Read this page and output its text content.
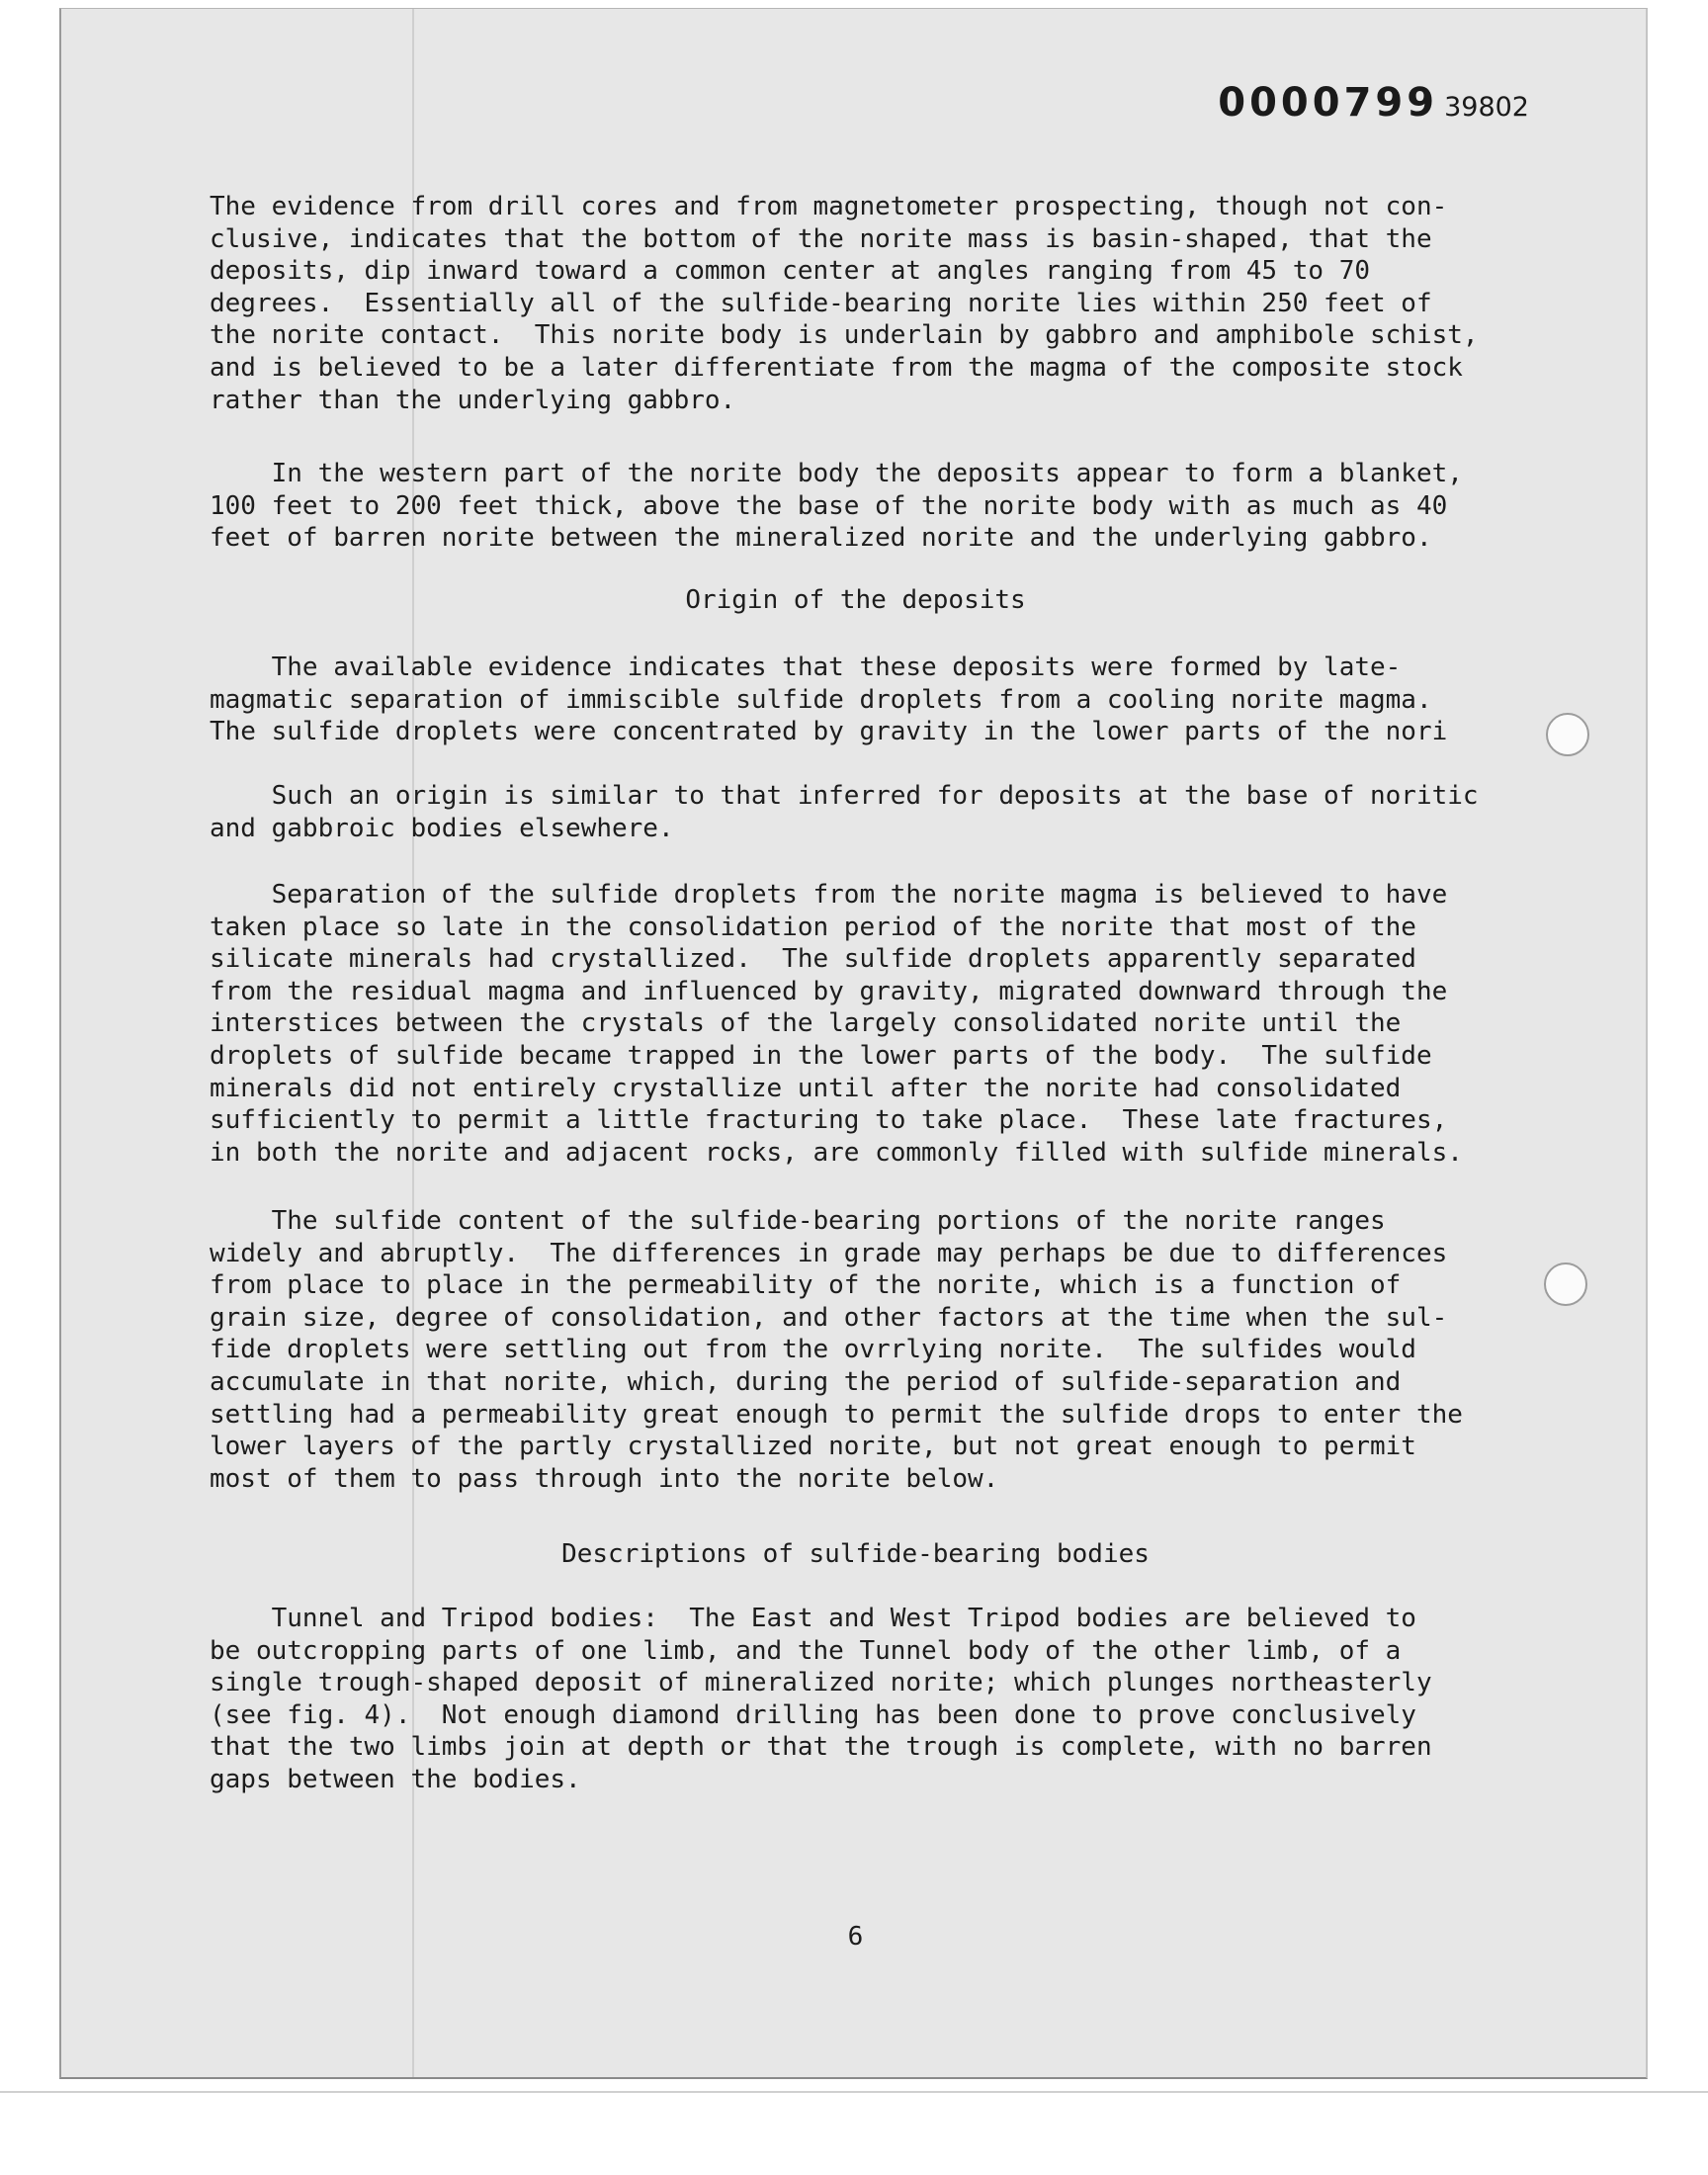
0000799 39802
The evidence from drill cores and from magnetometer prospecting, though not con-
clusive, indicates that the bottom of the norite mass is basin-shaped, that the
deposits, dip inward toward a common center at angles ranging from 45 to 70
degrees.  Essentially all of the sulfide-bearing norite lies within 250 feet of
the norite contact.  This norite body is underlain by gabbro and amphibole schist,
and is believed to be a later differentiate from the magma of the composite stock
rather than the underlying gabbro.
In the western part of the norite body the deposits appear to form a blanket,
100 feet to 200 feet thick, above the base of the norite body with as much as 40
feet of barren norite between the mineralized norite and the underlying gabbro.
Origin of the deposits
The available evidence indicates that these deposits were formed by late-
magmatic separation of immiscible sulfide droplets from a cooling norite magma.
The sulfide droplets were concentrated by gravity in the lower parts of the nori
Such an origin is similar to that inferred for deposits at the base of noritic
and gabbroic bodies elsewhere.
Separation of the sulfide droplets from the norite magma is believed to have
taken place so late in the consolidation period of the norite that most of the
silicate minerals had crystallized.  The sulfide droplets apparently separated
from the residual magma and influenced by gravity, migrated downward through the
interstices between the crystals of the largely consolidated norite until the
droplets of sulfide became trapped in the lower parts of the body.  The sulfide
minerals did not entirely crystallize until after the norite had consolidated
sufficiently to permit a little fracturing to take place.  These late fractures,
in both the norite and adjacent rocks, are commonly filled with sulfide minerals.
The sulfide content of the sulfide-bearing portions of the norite ranges
widely and abruptly.  The differences in grade may perhaps be due to differences
from place to place in the permeability of the norite, which is a function of
grain size, degree of consolidation, and other factors at the time when the sul-
fide droplets were settling out from the ovrrlying norite.  The sulfides would
accumulate in that norite, which, during the period of sulfide-separation and
settling had a permeability great enough to permit the sulfide drops to enter the
lower layers of the partly crystallized norite, but not great enough to permit
most of them to pass through into the norite below.
Descriptions of sulfide-bearing bodies
Tunnel and Tripod bodies:  The East and West Tripod bodies are believed to
be outcropping parts of one limb, and the Tunnel body of the other limb, of a
single trough-shaped deposit of mineralized norite; which plunges northeasterly
(see fig. 4).  Not enough diamond drilling has been done to prove conclusively
that the two limbs join at depth or that the trough is complete, with no barren
gaps between the bodies.
6
